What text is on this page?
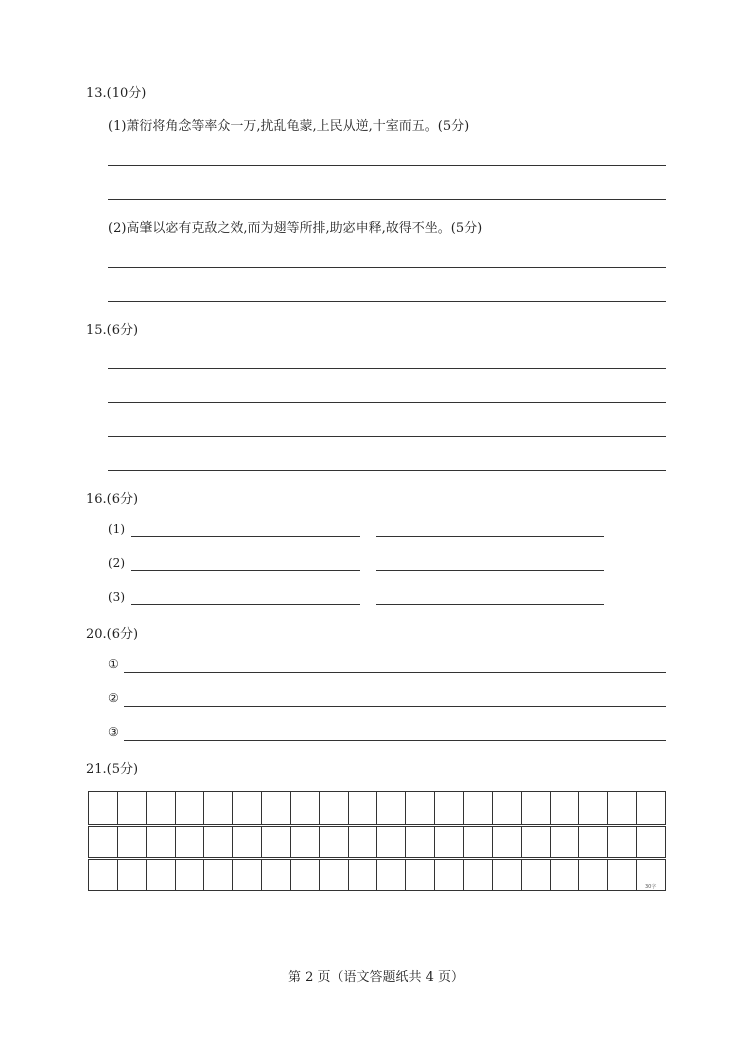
13.(10分)
(1)萧衍将角念等率众一万,扰乱龟蒙,上民从逆,十室而五。(5分)
(2)高肇以宓有克敌之效,而为翅等所排,助宓申释,故得不坐。(5分)
15.(6分)
16.(6分)
(1)
(2)
(3)
20.(6分)
①
②
③
21.(5分)
30字
第 2 页（语文答题纸共 4 页）
